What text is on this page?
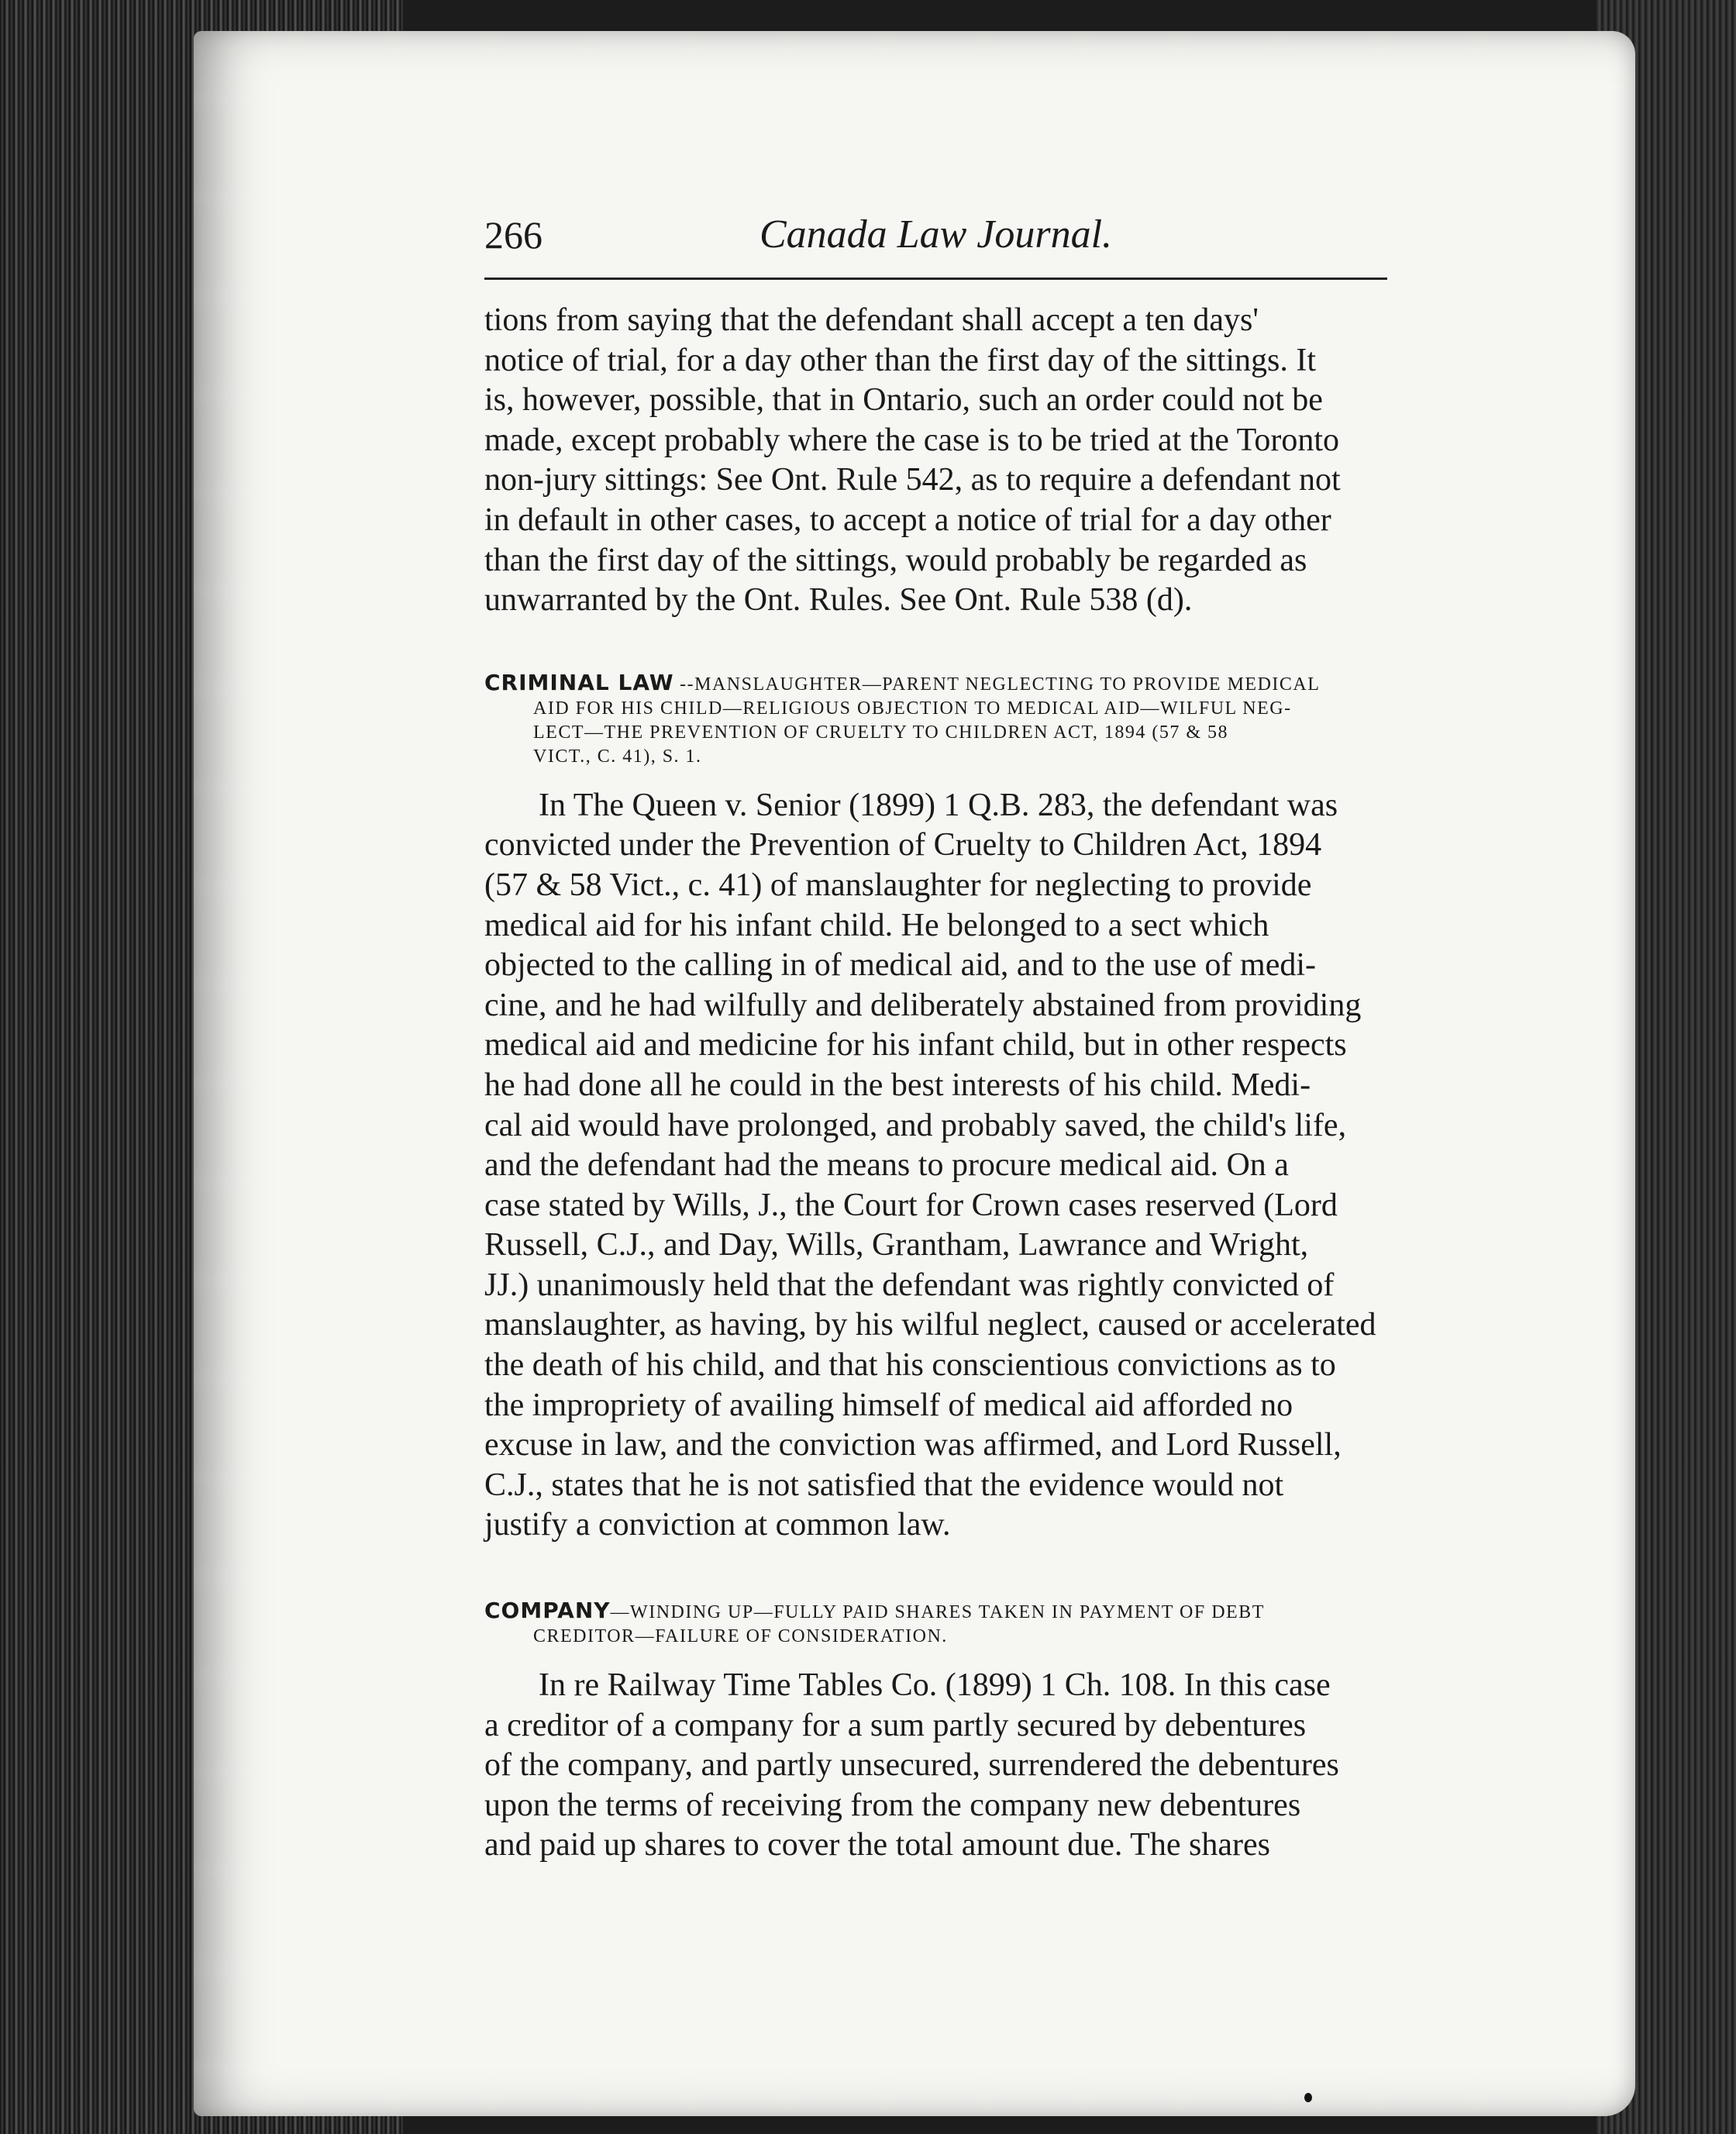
Canada Law Journal.
266
tions from saying that the defendant shall accept a ten days'
notice of trial, for a day other than the first day of the sittings. It
is, however, possible, that in Ontario, such an order could not be
made, except probably where the case is to be tried at the Toronto
non-jury sittings: See Ont. Rule 542, as to require a defendant not
in default in other cases, to accept a notice of trial for a day other
than the first day of the sittings, would probably be regarded as
unwarranted by the Ont. Rules. See Ont. Rule 538 (d).
CRIMINAL LAW --MANSLAUGHTER—PARENT NEGLECTING TO PROVIDE MEDICAL
AID FOR HIS CHILD—RELIGIOUS OBJECTION TO MEDICAL AID—WILFUL NEG-
LECT—THE PREVENTION OF CRUELTY TO CHILDREN ACT, 1894 (57 & 58
VICT., C. 41), S. 1.
In The Queen v. Senior (1899) 1 Q.B. 283, the defendant was
convicted under the Prevention of Cruelty to Children Act, 1894
(57 & 58 Vict., c. 41) of manslaughter for neglecting to provide
medical aid for his infant child. He belonged to a sect which
objected to the calling in of medical aid, and to the use of medi-
cine, and he had wilfully and deliberately abstained from providing
medical aid and medicine for his infant child, but in other respects
he had done all he could in the best interests of his child. Medi-
cal aid would have prolonged, and probably saved, the child's life,
and the defendant had the means to procure medical aid. On a
case stated by Wills, J., the Court for Crown cases reserved (Lord
Russell, C.J., and Day, Wills, Grantham, Lawrance and Wright,
JJ.) unanimously held that the defendant was rightly convicted of
manslaughter, as having, by his wilful neglect, caused or accelerated
the death of his child, and that his conscientious convictions as to
the impropriety of availing himself of medical aid afforded no
excuse in law, and the conviction was affirmed, and Lord Russell,
C.J., states that he is not satisfied that the evidence would not
justify a conviction at common law.
COMPANY—WINDING UP—FULLY PAID SHARES TAKEN IN PAYMENT OF DEBT
CREDITOR—FAILURE OF CONSIDERATION.
In re Railway Time Tables Co. (1899) 1 Ch. 108. In this case
a creditor of a company for a sum partly secured by debentures
of the company, and partly unsecured, surrendered the debentures
upon the terms of receiving from the company new debentures
and paid up shares to cover the total amount due. The shares
